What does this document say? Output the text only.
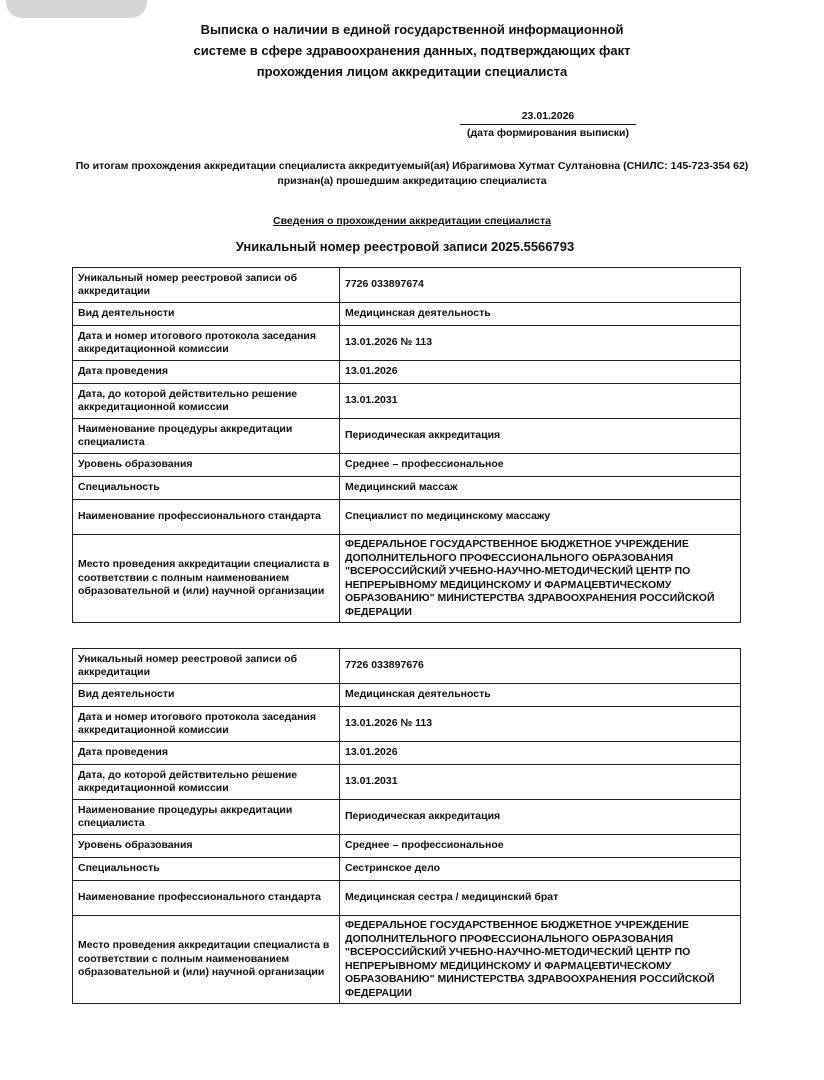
Выписка о наличии в единой государственной информационной
системе в сфере здравоохранения данных, подтверждающих факт
прохождения лицом аккредитации специалиста
23.01.2026
(дата формирования выписки)
По итогам прохождения аккредитации специалиста аккредитуемый(ая) Ибрагимова Хутмат Султановна (СНИЛС: 145-723-354 62) признан(а) прошедшим аккредитацию специалиста
Сведения о прохождении аккредитации специалиста
Уникальный номер реестровой записи 2025.5566793
Уникальный номер реестровой записи об аккредитации	7726 033897674
Вид деятельности	Медицинская деятельность
Дата и номер итогового протокола заседания аккредитационной комиссии	13.01.2026 № 113
Дата проведения	13.01.2026
Дата, до которой действительно решение аккредитационной комиссии	13.01.2031
Наименование процедуры аккредитации специалиста	Периодическая аккредитация
Уровень образования	Среднее – профессиональное
Специальность	Медицинский массаж
Наименование профессионального стандарта	Специалист по медицинскому массажу
Место проведения аккредитации специалиста в соответствии с полным наименованием образовательной и (или) научной организации	ФЕДЕРАЛЬНОЕ ГОСУДАРСТВЕННОЕ БЮДЖЕТНОЕ УЧРЕЖДЕНИЕ ДОПОЛНИТЕЛЬНОГО ПРОФЕССИОНАЛЬНОГО ОБРАЗОВАНИЯ "ВСЕРОССИЙСКИЙ УЧЕБНО-НАУЧНО-МЕТОДИЧЕСКИЙ ЦЕНТР ПО НЕПРЕРЫВНОМУ МЕДИЦИНСКОМУ И ФАРМАЦЕВТИЧЕСКОМУ ОБРАЗОВАНИЮ" МИНИСТЕРСТВА ЗДРАВООХРАНЕНИЯ РОССИЙСКОЙ ФЕДЕРАЦИИ
Уникальный номер реестровой записи об аккредитации	7726 033897676
Вид деятельности	Медицинская деятельность
Дата и номер итогового протокола заседания аккредитационной комиссии	13.01.2026 № 113
Дата проведения	13.01.2026
Дата, до которой действительно решение аккредитационной комиссии	13.01.2031
Наименование процедуры аккредитации специалиста	Периодическая аккредитация
Уровень образования	Среднее – профессиональное
Специальность	Сестринское дело
Наименование профессионального стандарта	Медицинская сестра / медицинский брат
Место проведения аккредитации специалиста в соответствии с полным наименованием образовательной и (или) научной организации	ФЕДЕРАЛЬНОЕ ГОСУДАРСТВЕННОЕ БЮДЖЕТНОЕ УЧРЕЖДЕНИЕ ДОПОЛНИТЕЛЬНОГО ПРОФЕССИОНАЛЬНОГО ОБРАЗОВАНИЯ "ВСЕРОССИЙСКИЙ УЧЕБНО-НАУЧНО-МЕТОДИЧЕСКИЙ ЦЕНТР ПО НЕПРЕРЫВНОМУ МЕДИЦИНСКОМУ И ФАРМАЦЕВТИЧЕСКОМУ ОБРАЗОВАНИЮ" МИНИСТЕРСТВА ЗДРАВООХРАНЕНИЯ РОССИЙСКОЙ ФЕДЕРАЦИИ
